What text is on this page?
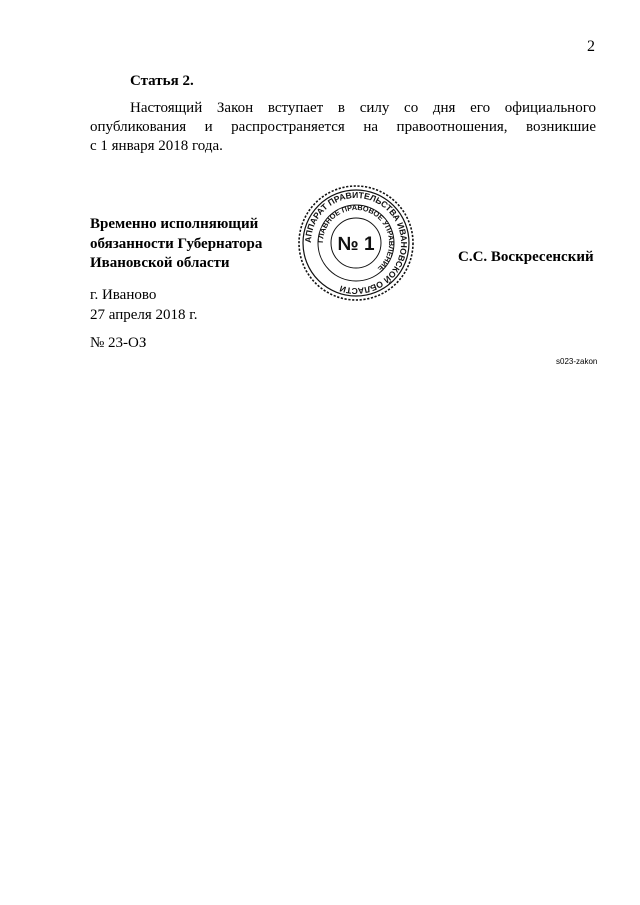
2
Статья 2.
Настоящий Закон вступает в силу со дня его официального
опубликования и распространяется на правоотношения, возникшие
с 1 января 2018 года.
Временно исполняющий
обязанности Губернатора
Ивановской области
АППАРАТ ПРАВИТЕЛЬСТВА ИВАНОВСКОЙ ОБЛАСТИ
ГЛАВНОЕ ПРАВОВОЕ УПРАВЛЕНИЕ
№ 1
С.С. Воскресенский
г. Иваново
27 апреля 2018 г.
№ 23-ОЗ
s023-zakon
